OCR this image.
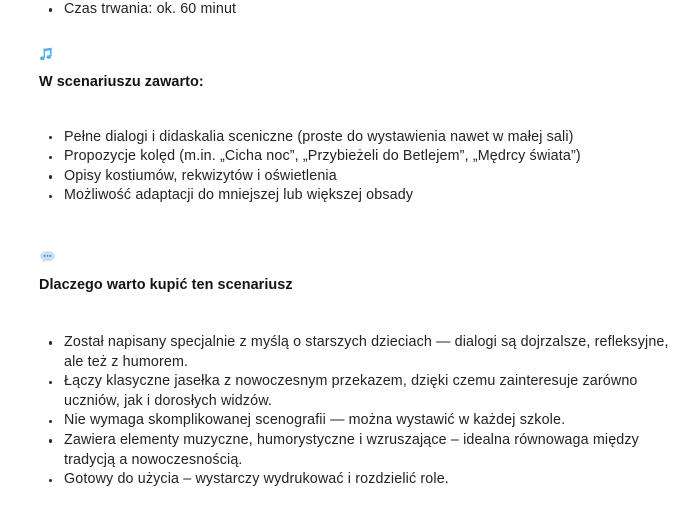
Czas trwania: ok. 60 minut
W scenariuszu zawarto:
Pełne dialogi i didaskalia sceniczne (proste do wystawienia nawet w małej sali)
Propozycje kolęd (m.in. „Cicha noc”, „Przybieżeli do Betlejem”, „Mędrcy świata”)
Opisy kostiumów, rekwizytów i oświetlenia
Możliwość adaptacji do mniejszej lub większej obsady
Dlaczego warto kupić ten scenariusz
Został napisany specjalnie z myślą o starszych dzieciach — dialogi są dojrzalsze, refleksyjne, ale też z humorem.
Łączy klasyczne jasełka z nowoczesnym przekazem, dzięki czemu zainteresuje zarówno uczniów, jak i dorosłych widzów.
Nie wymaga skomplikowanej scenografii — można wystawić w każdej szkole.
Zawiera elementy muzyczne, humorystyczne i wzruszające – idealna równowaga między tradycją a nowoczesnością.
Gotowy do użycia – wystarczy wydrukować i rozdzielić role.
